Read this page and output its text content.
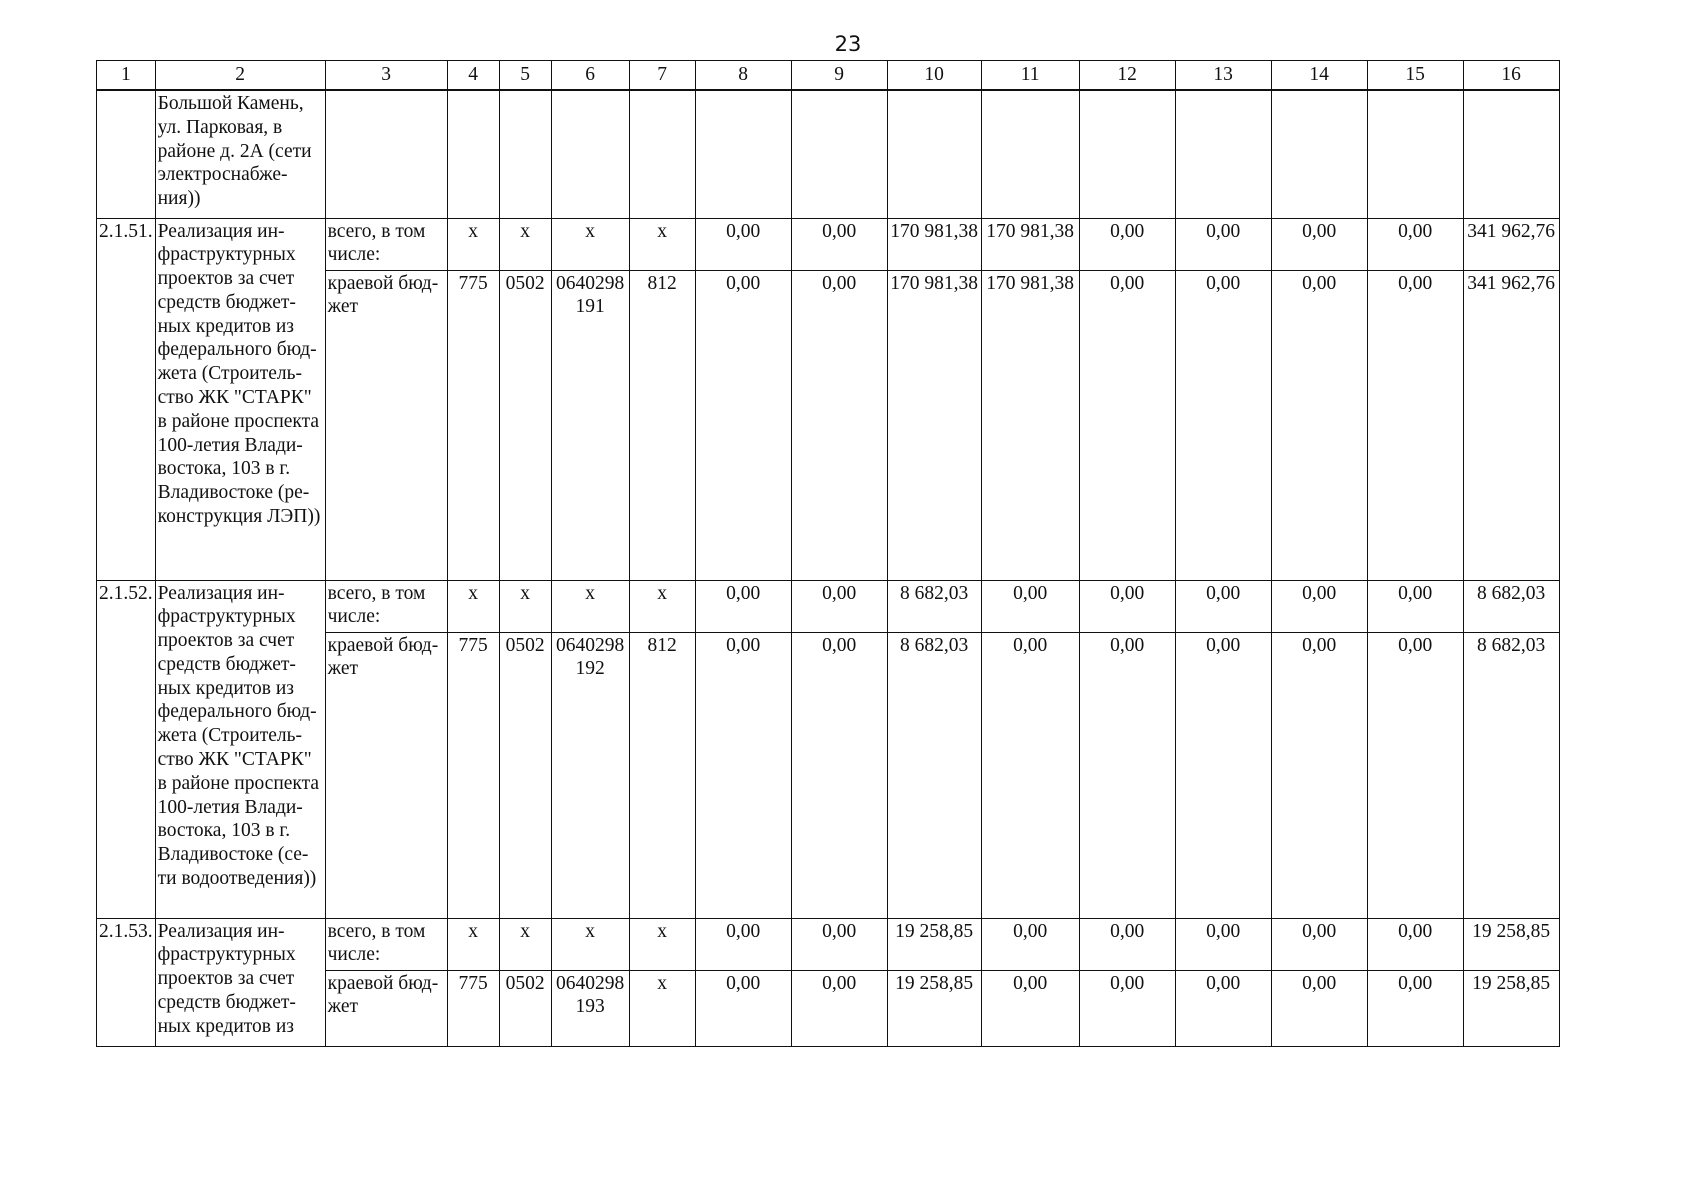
23
1	2	3	4	5	6	7	8	9	10	11	12	13	14	15	16
	Большой Камень, ул. Парковая, в районе д. 2А (сети электроснабже-ния))														
2.1.51.	Реализация ин-фраструктурных проектов за счет средств бюджет-ных кредитов из федерального бюд-жета (Строитель-ство ЖК "СТАРК" в районе проспекта 100-летия Влади-востока, 103 в г. Владивостоке (ре-конструкция ЛЭП))	всего, в том числе:	x	x	x	x	0,00	0,00	170 981,38	170 981,38	0,00	0,00	0,00	0,00	341 962,76
		краевой бюд-жет	775	0502	0640298191	812	0,00	0,00	170 981,38	170 981,38	0,00	0,00	0,00	0,00	341 962,76
2.1.52.	Реализация ин-фраструктурных проектов за счет средств бюджет-ных кредитов из федерального бюд-жета (Строитель-ство ЖК "СТАРК" в районе проспекта 100-летия Влади-востока, 103 в г. Владивостоке (се-ти водоотведения))	всего, в том числе:	x	x	x	x	0,00	0,00	8 682,03	0,00	0,00	0,00	0,00	0,00	8 682,03
		краевой бюд-жет	775	0502	0640298192	812	0,00	0,00	8 682,03	0,00	0,00	0,00	0,00	0,00	8 682,03
2.1.53.	Реализация ин-фраструктурных проектов за счет средств бюджет-ных кредитов из	всего, в том числе:	x	x	x	x	0,00	0,00	19 258,85	0,00	0,00	0,00	0,00	0,00	19 258,85
		краевой бюд-жет	775	0502	0640298193	x	0,00	0,00	19 258,85	0,00	0,00	0,00	0,00	0,00	19 258,85
